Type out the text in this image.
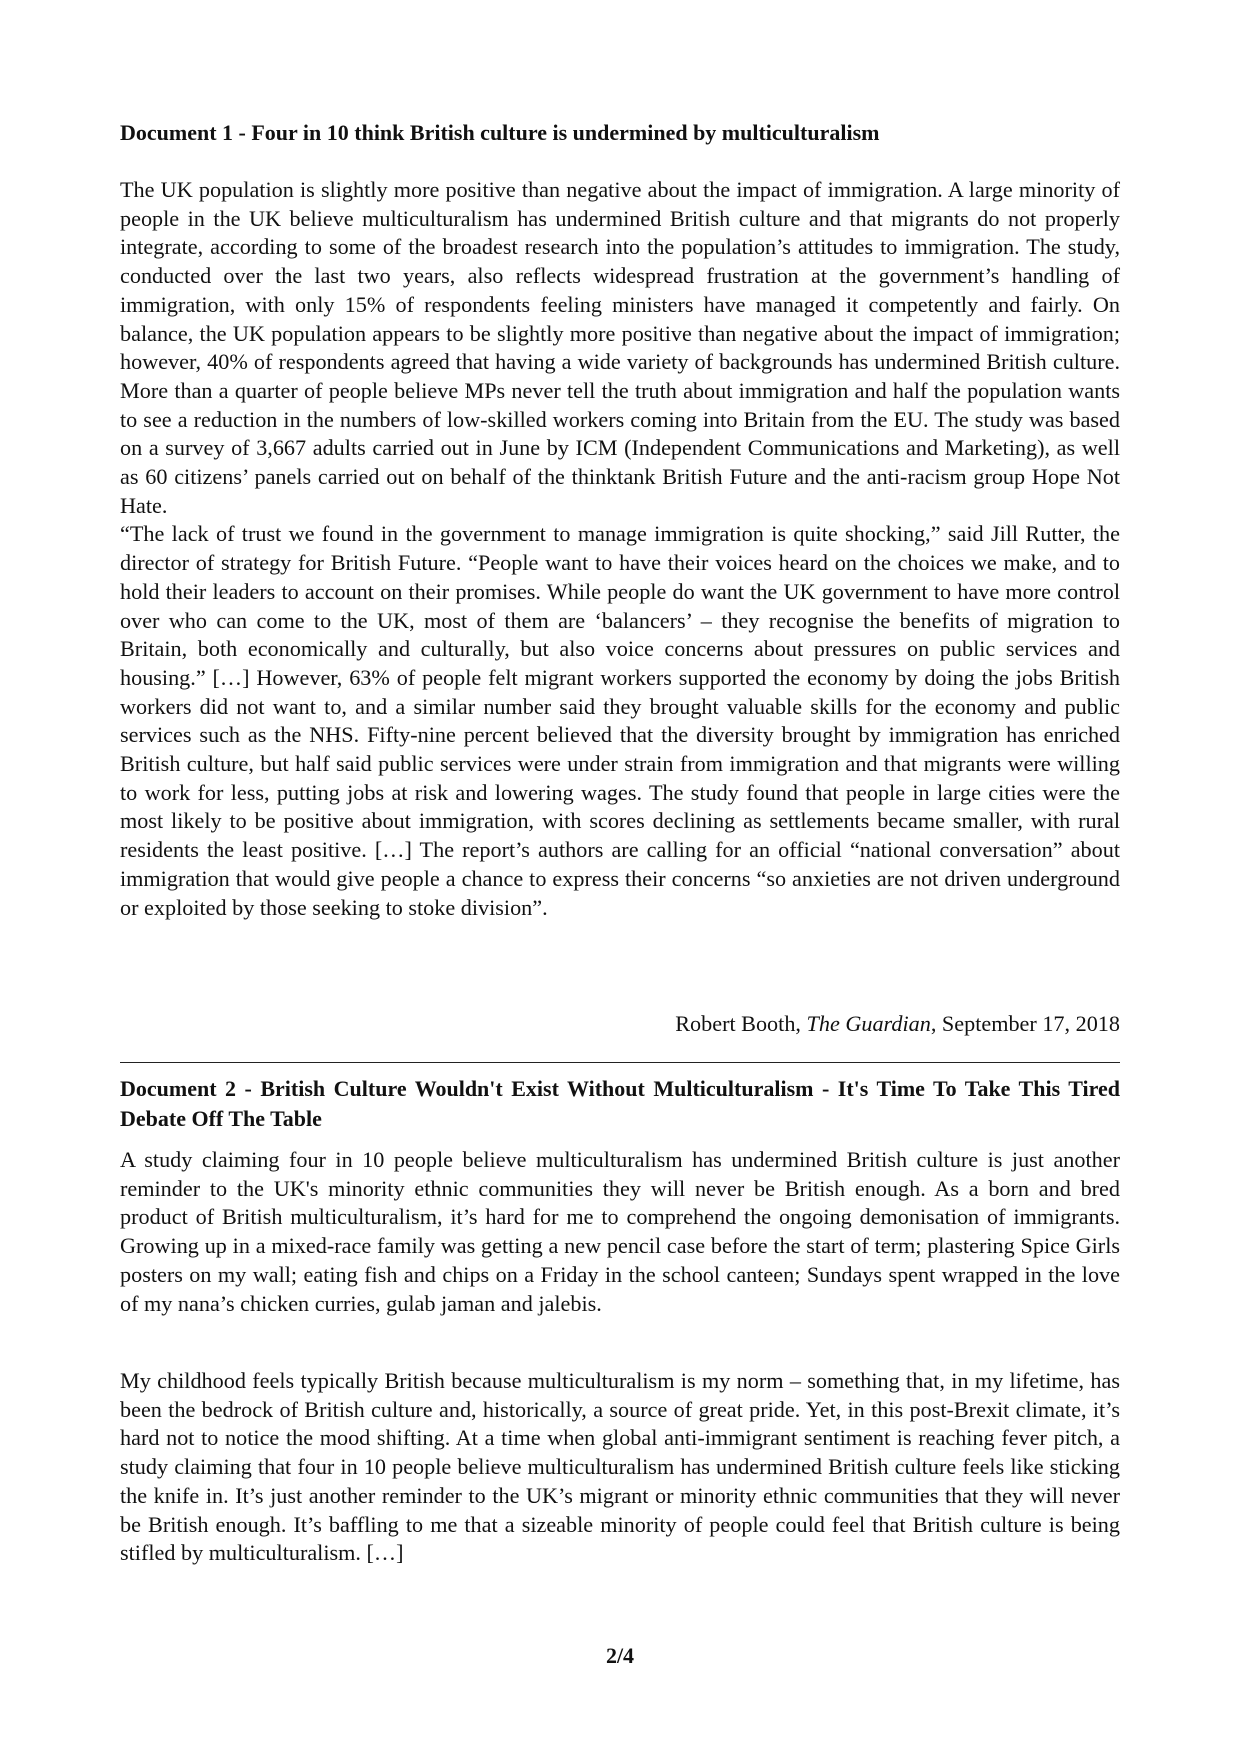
Document 1 - Four in 10 think British culture is undermined by multiculturalism

The UK population is slightly more positive than negative about the impact of immigration. A large minority of people in the UK believe multiculturalism has undermined British culture and that migrants do not properly integrate, according to some of the broadest research into the population’s attitudes to immigration. The study, conducted over the last two years, also reflects widespread frustration at the government’s handling of immigration, with only 15% of respondents feeling ministers have managed it competently and fairly. On balance, the UK population appears to be slightly more positive than negative about the impact of immigration; however, 40% of respondents agreed that having a wide variety of backgrounds has undermined British culture. More than a quarter of people believe MPs never tell the truth about immigration and half the population wants to see a reduction in the numbers of low-skilled workers coming into Britain from the EU. The study was based on a survey of 3,667 adults carried out in June by ICM (Independent Communications and Marketing), as well as 60 citizens’ panels carried out on behalf of the thinktank British Future and the anti-racism group Hope Not Hate.

“The lack of trust we found in the government to manage immigration is quite shocking,” said Jill Rutter, the director of strategy for British Future. “People want to have their voices heard on the choices we make, and to hold their leaders to account on their promises. While people do want the UK government to have more control over who can come to the UK, most of them are ‘balancers’ – they recognise the benefits of migration to Britain, both economically and culturally, but also voice concerns about pressures on public services and housing.” […] However, 63% of people felt migrant workers supported the economy by doing the jobs British workers did not want to, and a similar number said they brought valuable skills for the economy and public services such as the NHS. Fifty-nine percent believed that the diversity brought by immigration has enriched British culture, but half said public services were under strain from immigration and that migrants were willing to work for less, putting jobs at risk and lowering wages. The study found that people in large cities were the most likely to be positive about immigration, with scores declining as settlements became smaller, with rural residents the least positive. […] The report’s authors are calling for an official “national conversation” about immigration that would give people a chance to express their concerns “so anxieties are not driven underground or exploited by those seeking to stoke division”.

Robert Booth, The Guardian, September 17, 2018
Document 2 - British Culture Wouldn't Exist Without Multiculturalism - It's Time To Take This Tired Debate Off The Table

A study claiming four in 10 people believe multiculturalism has undermined British culture is just another reminder to the UK's minority ethnic communities they will never be British enough. As a born and bred product of British multiculturalism, it’s hard for me to comprehend the ongoing demonisation of immigrants. Growing up in a mixed-race family was getting a new pencil case before the start of term; plastering Spice Girls posters on my wall; eating fish and chips on a Friday in the school canteen; Sundays spent wrapped in the love of my nana’s chicken curries, gulab jaman and jalebis.

My childhood feels typically British because multiculturalism is my norm – something that, in my lifetime, has been the bedrock of British culture and, historically, a source of great pride. Yet, in this post-Brexit climate, it’s hard not to notice the mood shifting. At a time when global anti-immigrant sentiment is reaching fever pitch, a study claiming that four in 10 people believe multiculturalism has undermined British culture feels like sticking the knife in. It’s just another reminder to the UK’s migrant or minority ethnic communities that they will never be British enough. It’s baffling to me that a sizeable minority of people could feel that British culture is being stifled by multiculturalism. […]

2/4
